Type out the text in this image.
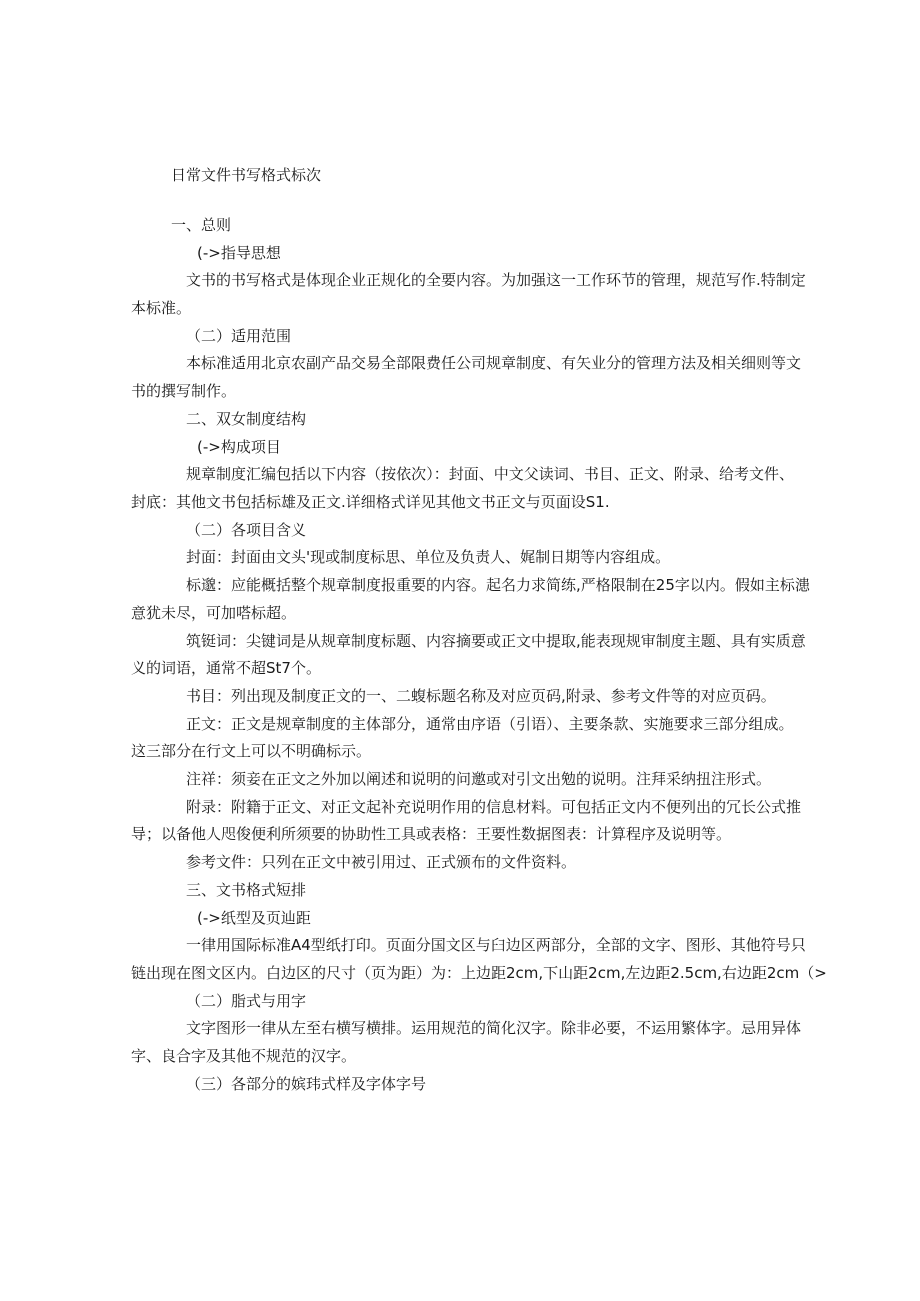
日常文件书写格式标次
一、总则
(->指导思想
文书的书写格式是体现企业正规化的全要内容。为加强这一工作环节的管理，规范写作.特制定
本标准。
（二）适用范围
本标准适用北京农副产品交易全部限费任公司规章制度、有矢业分的管理方法及相关细则等文
书的撰写制作。
二、双女制度结构
(->构成项目
规章制度汇编包括以下内容（按依次）：封面、中文父读词、书目、正文、附录、给考文件、
封底：其他文书包括标雄及正文.详细格式详见其他文书正文与页面设S1.
（二）各项目含义
封面：封面由文头'现或制度标思、单位及负责人、娓制日期等内容组成。
标邈：应能概括整个规章制度报重要的内容。起名力求简练,严格限制在25字以内。假如主标漶
意犹未尽，可加嗒标超。
筑铤词：尖键词是从规章制度标题、内容摘要或正文中提取,能表现规审制度主题、具有实质意
义的词语，通常不超St7个。
书目：列出现及制度正文的一、二蝮标题名称及对应页码,附录、参考文件等的对应页码。
正文：正文是规章制度的主体部分，通常由序语（引语）、主要条款、实施要求三部分组成。
这三部分在行文上可以不明确标示。
注祥：须妾在正文之外加以阐述和说明的问邀或对引文出勉的说明。注拜采纳扭注形式。
附录：附籍于正文、对正文起补充说明作用的信息材料。可包括正文内不便列出的冗长公式推
导；以备他人咫俊便利所须要的协助性工具或表格：王要性数据图表：计算程序及说明等。
参考文件：只列在正文中被引用过、正式颁布的文件资料。
三、文书格式短排
(->纸型及页辿距
一律用国际标准A4型纸打印。页面分国文区与臼边区两部分，全部的文字、图形、其他符号只
链出现在图文区内。白边区的尺寸（页为距）为：上边距2cm,下山距2cm,左边距2.5cm,右边距2cm（>
（二）脂式与用字
文字图形一律从左至右横写横排。运用规范的简化汉字。除非必要，不运用繁体字。忌用异体
字、良合字及其他不规范的汉字。
（三）各部分的嫔玮式样及字体字号
